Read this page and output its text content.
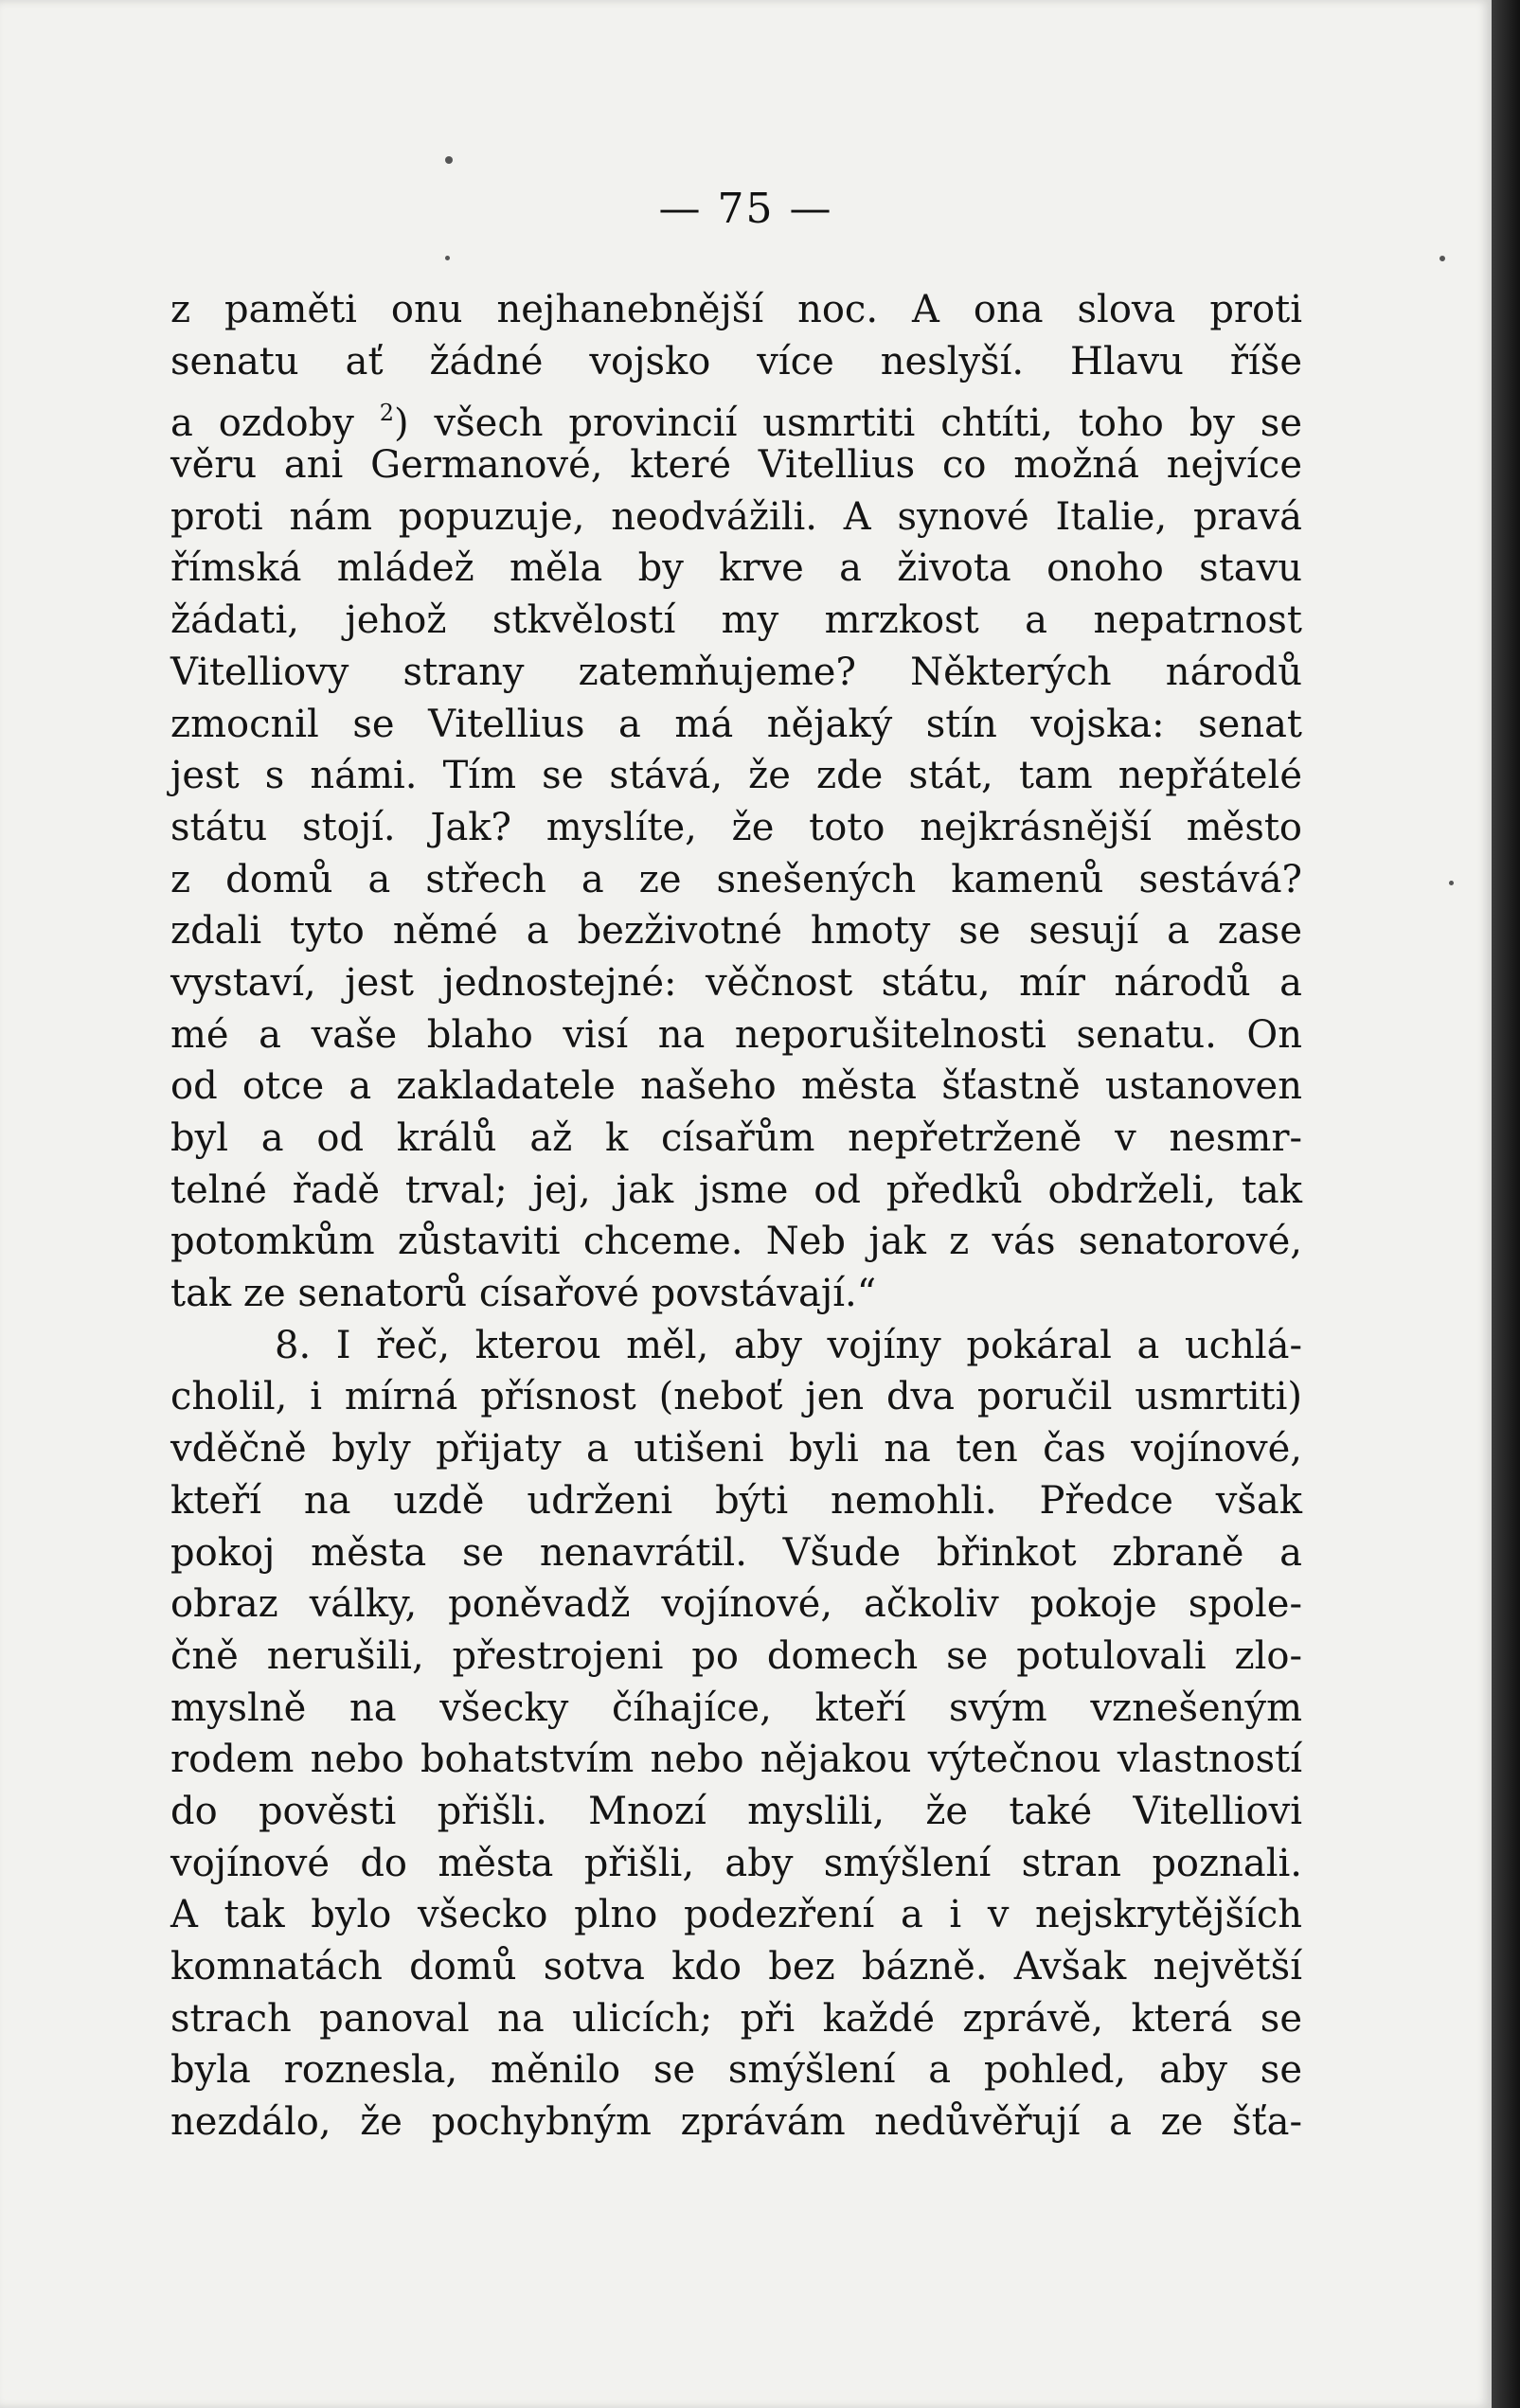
— 75 —
z paměti onu nejhanebnější noc. A ona slova proti
senatu ať žádné vojsko více neslyší. Hlavu říše
a ozdoby $^2$) všech provincií usmrtiti chtíti, toho by se
věru ani Germanové, které Vitellius co možná nejvíce
proti nám popuzuje, neodvážili. A synové Italie, pravá
římská mládež měla by krve a života onoho stavu
žádati, jehož stkvělostí my mrzkost a nepatrnost
Vitelliovy strany zatemňujeme? Některých národů
zmocnil se Vitellius a má nějaký stín vojska: senat
jest s námi. Tím se stává, že zde stát, tam nepřátelé
státu stojí. Jak? myslíte, že toto nejkrásnější město
z domů a střech a ze snešených kamenů sestává?
zdali tyto němé a bezživotné hmoty se sesují a zase
vystaví, jest jednostejné: věčnost státu, mír národů a
mé a vaše blaho visí na neporušitelnosti senatu. On
od otce a zakladatele našeho města šťastně ustanoven
byl a od králů až k císařům nepřetrženě v nesmr-
telné řadě trval; jej, jak jsme od předků obdrželi, tak
potomkům zůstaviti chceme. Neb jak z vás senatorové,
tak ze senatorů císařové povstávají.“
8. I řeč, kterou měl, aby vojíny pokáral a uchlá-
cholil, i mírná přísnost (neboť jen dva poručil usmrtiti)
vděčně byly přijaty a utišeni byli na ten čas vojínové,
kteří na uzdě udrženi býti nemohli. Předce však
pokoj města se nenavrátil. Všude břinkot zbraně a
obraz války, poněvadž vojínové, ačkoliv pokoje spole-
čně nerušili, přestrojeni po domech se potulovali zlo-
myslně na všecky číhajíce, kteří svým vznešeným
rodem nebo bohatstvím nebo nějakou výtečnou vlastností
do pověsti přišli. Mnozí myslili, že také Vitelliovi
vojínové do města přišli, aby smýšlení stran poznali.
A tak bylo všecko plno podezření a i v nejskrytějších
komnatách domů sotva kdo bez bázně. Avšak největší
strach panoval na ulicích; při každé zprávě, která se
byla roznesla, měnilo se smýšlení a pohled, aby se
nezdálo, že pochybným zprávám nedůvěřují a ze šťa-
